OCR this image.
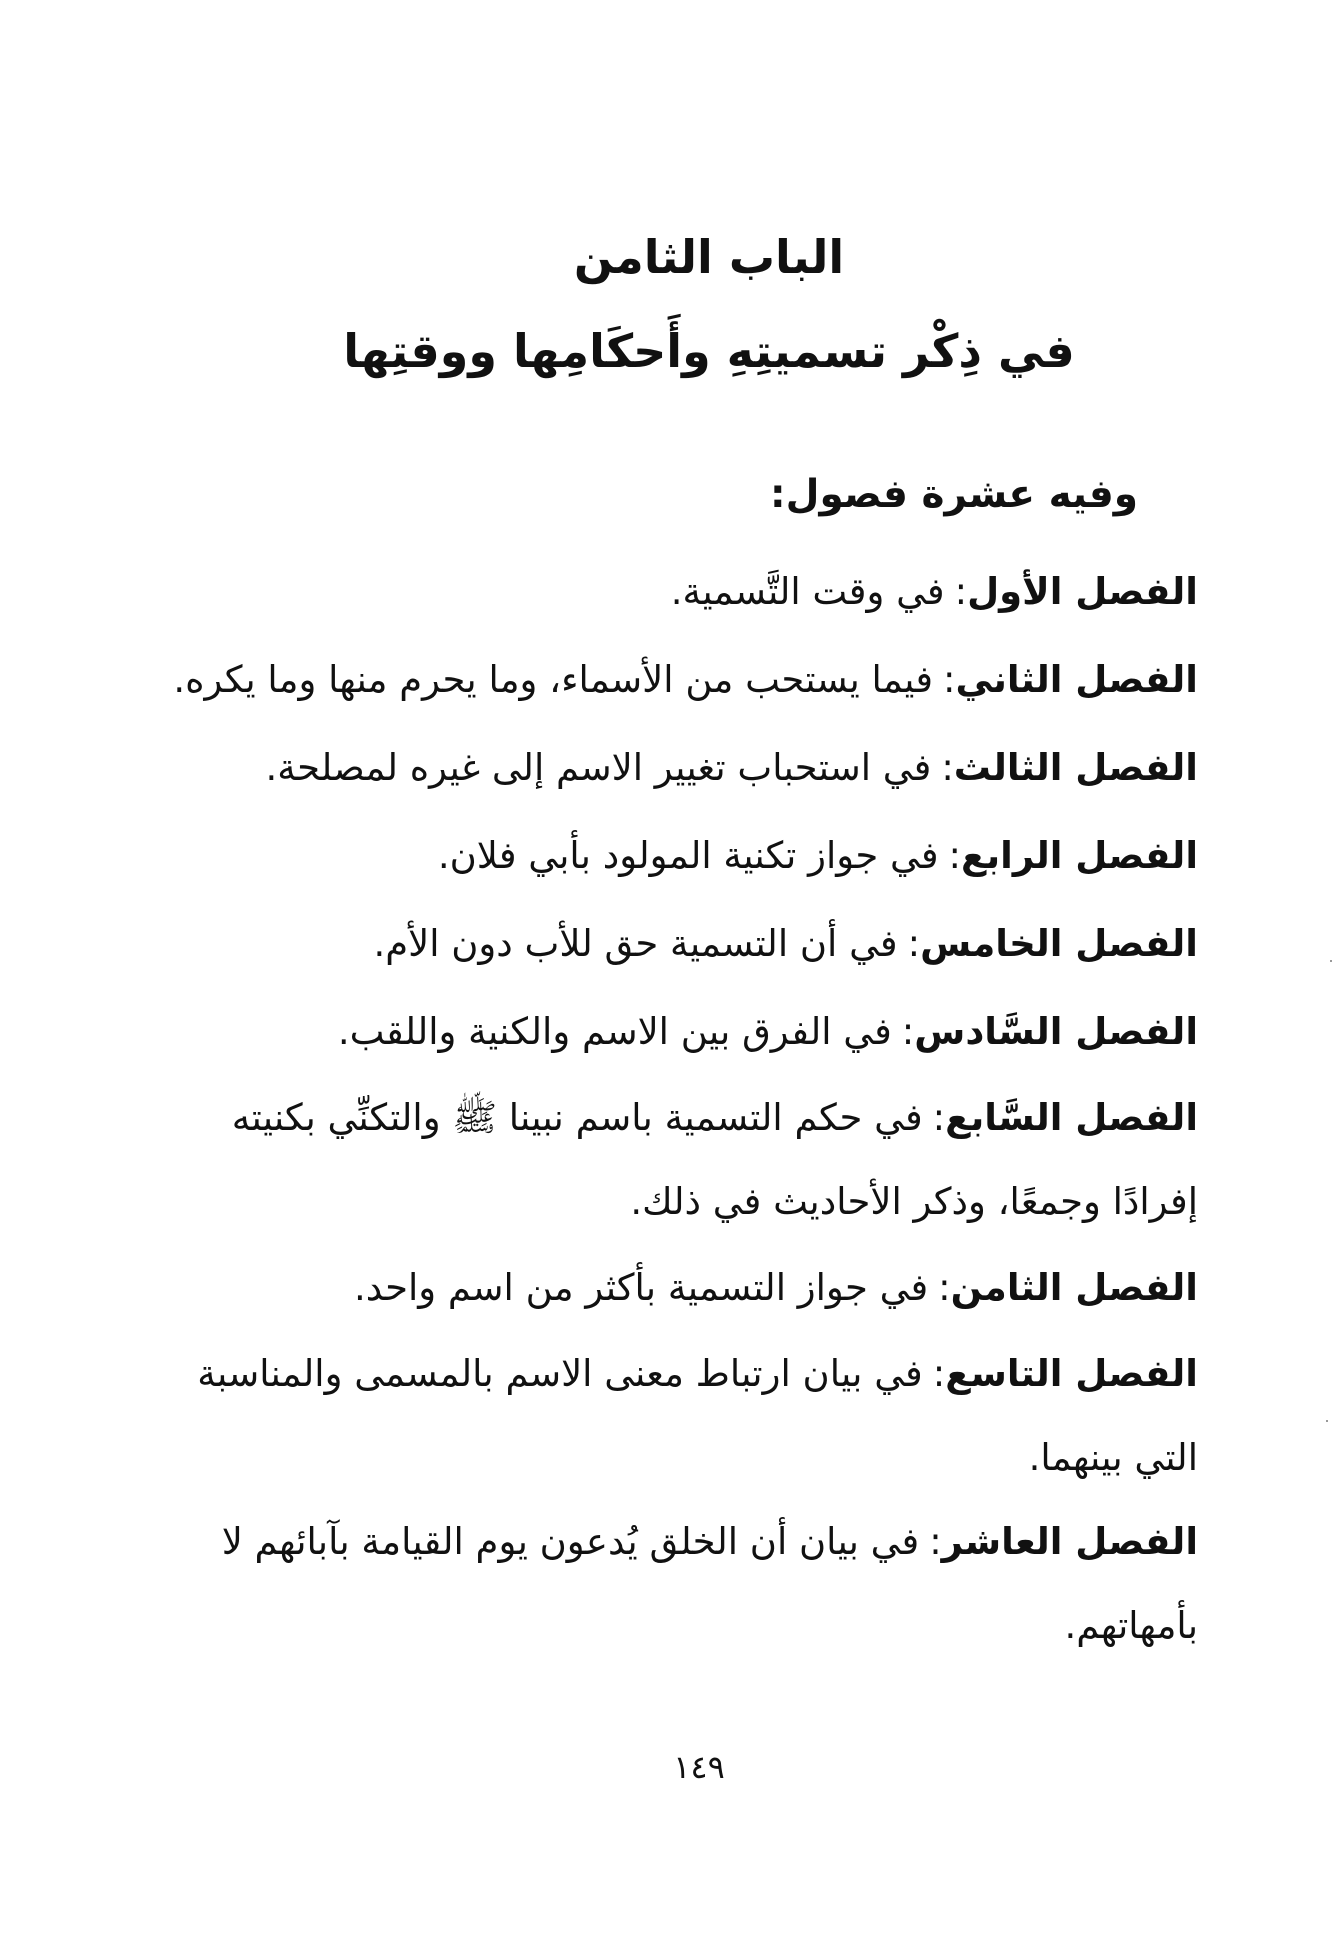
الباب الثامن
في ذِكْر تسميتِهِ وأَحكَامِها ووقتِها
وفيه عشرة فصول:
الفصل الأول:في وقت التَّسمية.
الفصل الثاني:فيما يستحب من الأسماء، وما يحرم منها وما يكره.
الفصل الثالث:في استحباب تغيير الاسم إلى غيره لمصلحة.
الفصل الرابع:في جواز تكنية المولود بأبي فلان.
الفصل الخامس:في أن التسمية حق للأب دون الأم.
الفصل السَّادس:في الفرق بين الاسم والكنية واللقب.
الفصل السَّابع:في حكم التسمية باسم نبينا ﷺ والتكنِّي بكنيته إفرادًا وجمعًا، وذكر الأحاديث في ذلك.
الفصل الثامن:في جواز التسمية بأكثر من اسم واحد.
الفصل التاسع:في بيان ارتباط معنى الاسم بالمسمى والمناسبة التي بينهما.
الفصل العاشر:في بيان أن الخلق يُدعون يوم القيامة بآبائهم لا بأمهاتهم.
١٤٩
